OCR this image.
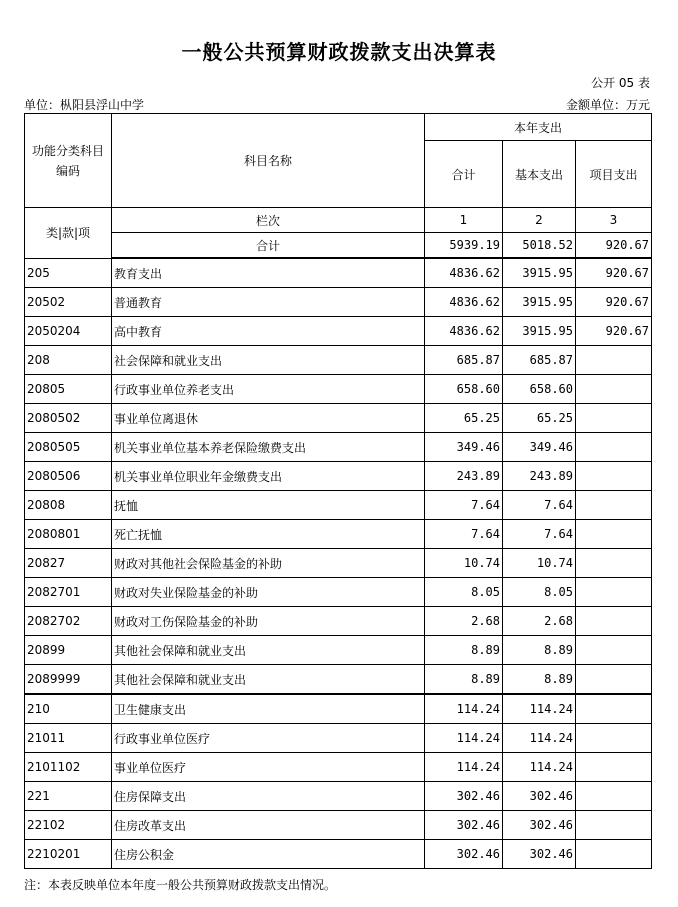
一般公共预算财政拨款支出决算表
公开 05 表
单位：枞阳县浮山中学	金额单位：万元
功能分类科目编码	科目名称	本年支出		
		合计	基本支出	项目支出
类|款|项	栏次	1	2	3
	合计	5939.19	5018.52	920.67
205	教育支出	4836.62	3915.95	920.67
20502	普通教育	4836.62	3915.95	920.67
2050204	高中教育	4836.62	3915.95	920.67
208	社会保障和就业支出	685.87	685.87	
20805	行政事业单位养老支出	658.60	658.60	
2080502	事业单位离退休	65.25	65.25	
2080505	机关事业单位基本养老保险缴费支出	349.46	349.46	
2080506	机关事业单位职业年金缴费支出	243.89	243.89	
20808	抚恤	7.64	7.64	
2080801	死亡抚恤	7.64	7.64	
20827	财政对其他社会保险基金的补助	10.74	10.74	
2082701	财政对失业保险基金的补助	8.05	8.05	
2082702	财政对工伤保险基金的补助	2.68	2.68	
20899	其他社会保障和就业支出	8.89	8.89	
2089999	其他社会保障和就业支出	8.89	8.89	
210	卫生健康支出	114.24	114.24	
21011	行政事业单位医疗	114.24	114.24	
2101102	事业单位医疗	114.24	114.24	
221	住房保障支出	302.46	302.46	
22102	住房改革支出	302.46	302.46	
2210201	住房公积金	302.46	302.46	
注：本表反映单位本年度一般公共预算财政拨款支出情况。
